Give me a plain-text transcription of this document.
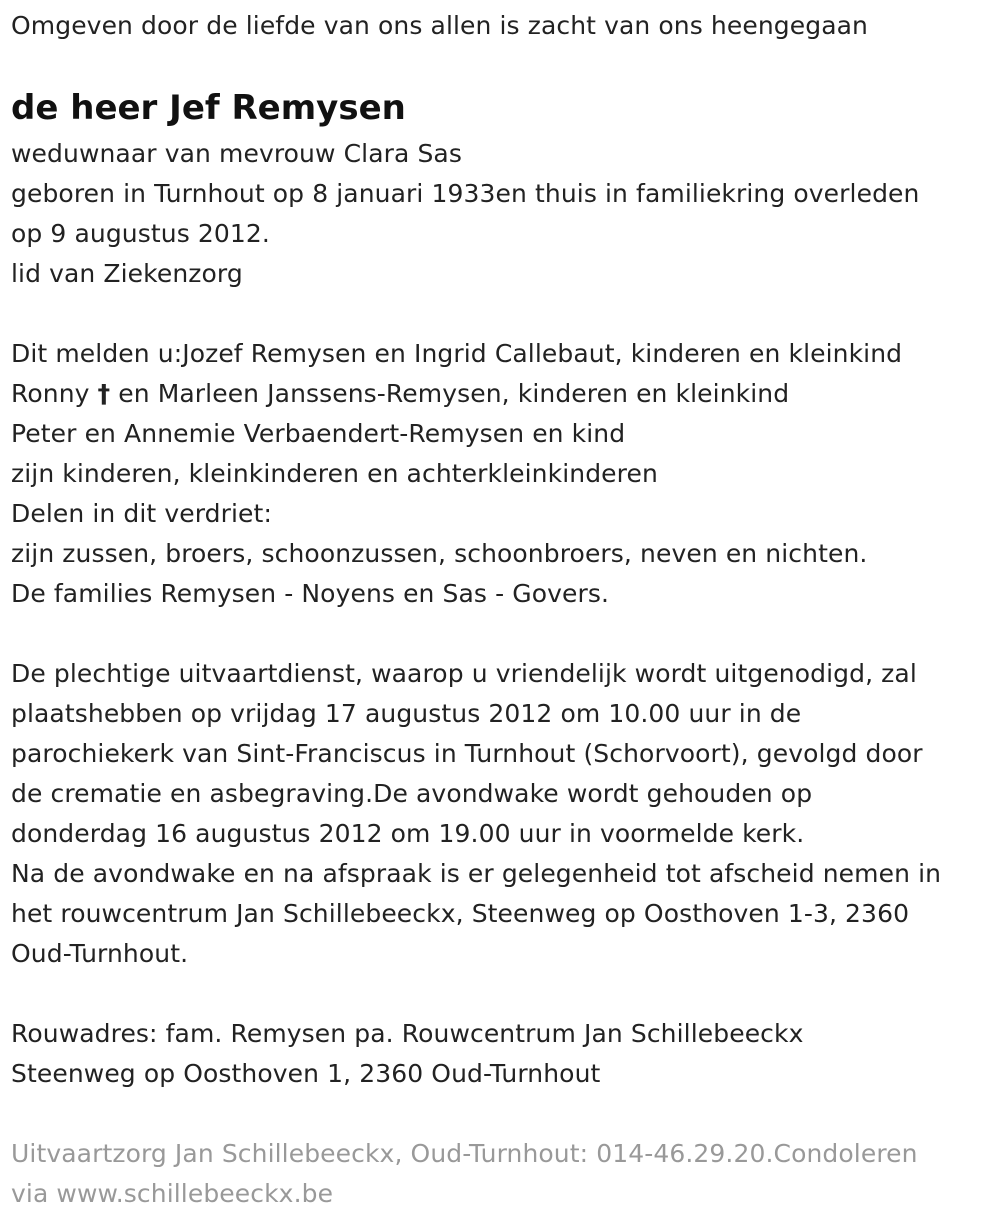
Omgeven door de liefde van ons allen is zacht van ons heengegaan
de heer Jef Remysen
weduwnaar van mevrouw Clara Sas
geboren in Turnhout op 8 januari 1933en thuis in familiekring overleden
op 9 augustus 2012.
lid van Ziekenzorg
Dit melden u:Jozef Remysen en Ingrid Callebaut, kinderen en kleinkind
Ronny † en Marleen Janssens-Remysen, kinderen en kleinkind
Peter en Annemie Verbaendert-Remysen en kind
zijn kinderen, kleinkinderen en achterkleinkinderen
Delen in dit verdriet:
zijn zussen, broers, schoonzussen, schoonbroers, neven en nichten.
De families Remysen - Noyens en Sas - Govers.
De plechtige uitvaartdienst, waarop u vriendelijk wordt uitgenodigd, zal
plaatshebben op vrijdag 17 augustus 2012 om 10.00 uur in de
parochiekerk van Sint-Franciscus in Turnhout (Schorvoort), gevolgd door
de crematie en asbegraving.De avondwake wordt gehouden op
donderdag 16 augustus 2012 om 19.00 uur in voormelde kerk.
Na de avondwake en na afspraak is er gelegenheid tot afscheid nemen in
het rouwcentrum Jan Schillebeeckx, Steenweg op Oosthoven 1-3, 2360
Oud-Turnhout.
Rouwadres: fam. Remysen pa. Rouwcentrum Jan Schillebeeckx
Steenweg op Oosthoven 1, 2360 Oud-Turnhout
Uitvaartzorg Jan Schillebeeckx, Oud-Turnhout: 014-46.29.20.Condoleren
via www.schillebeeckx.be
